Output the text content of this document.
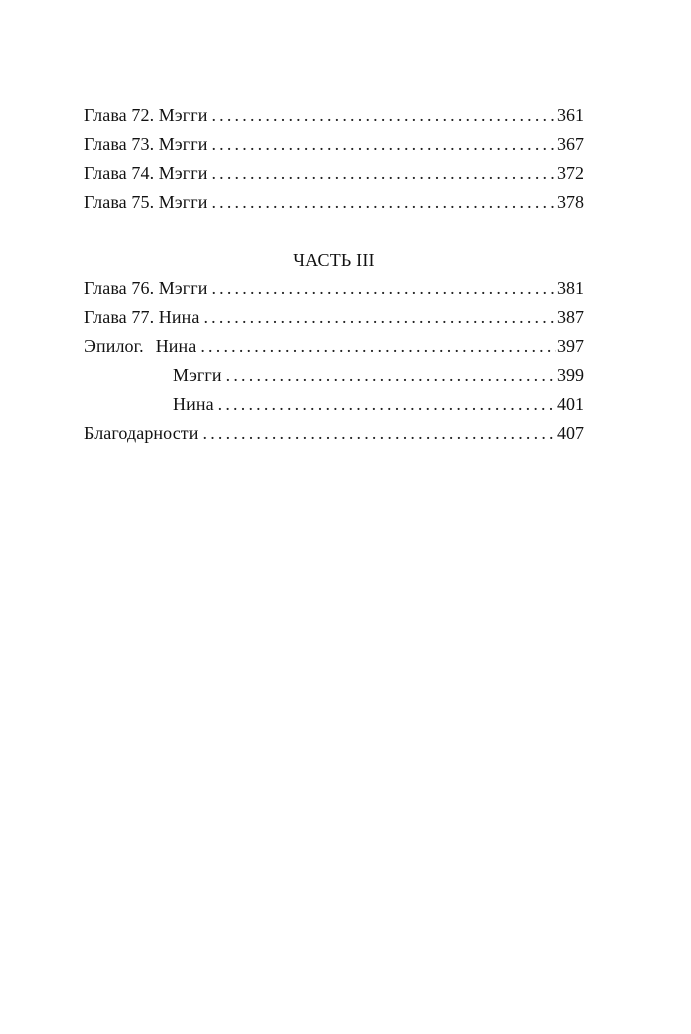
Глава 72. Мэгги . . .	361
Глава 73. Мэгги . . .	367
Глава 74. Мэгги . . .	372
Глава 75. Мэгги . . .	378
ЧАСТЬ III
Глава 76. Мэгги . . .	381
Глава 77. Нина . . .	387
Эпилог. Нина . . .	397
Мэгги . . .	399
Нина . . .	401
Благодарности . . .	407
